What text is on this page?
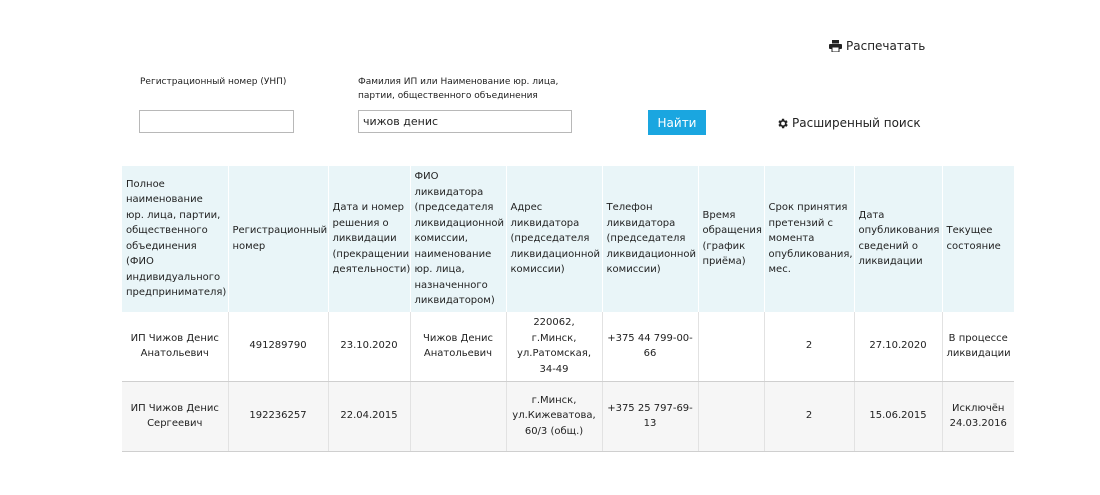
Распечатать
Регистрационный номер (УНП)	Фамилия ИП или Наименование юр. лица, партии, общественного объединения
чижов денис
Найти	Расширенный поиск
Полное наименование юр. лица, партии, общественного объединения (ФИО индивидуального предпринимателя)	Регистрационный номер	Дата и номер решения о ликвидации (прекращении деятельности)	ФИО ликвидатора (председателя ликвидационной комиссии, наименование юр. лица, назначенного ликвидатором)	Адрес ликвидатора (председателя ликвидационной комиссии)	Телефон ликвидатора (председателя ликвидационной комиссии)	Время обращения (график приёма)	Срок принятия претензий с момента опубликования, мес.	Дата опубликования сведений о ликвидации	Текущее состояние
ИП Чижов Денис Анатольевич	491289790	23.10.2020	Чижов Денис Анатольевич	220062, г.Минск, ул.Ратомская, 34-49	+375 44 799-00-66		2	27.10.2020	В процессе ликвидации
ИП Чижов Денис Сергеевич	192236257	22.04.2015		г.Минск, ул.Кижеватова, 60/3 (общ.)	+375 25 797-69-13		2	15.06.2015	Исключён 24.03.2016
